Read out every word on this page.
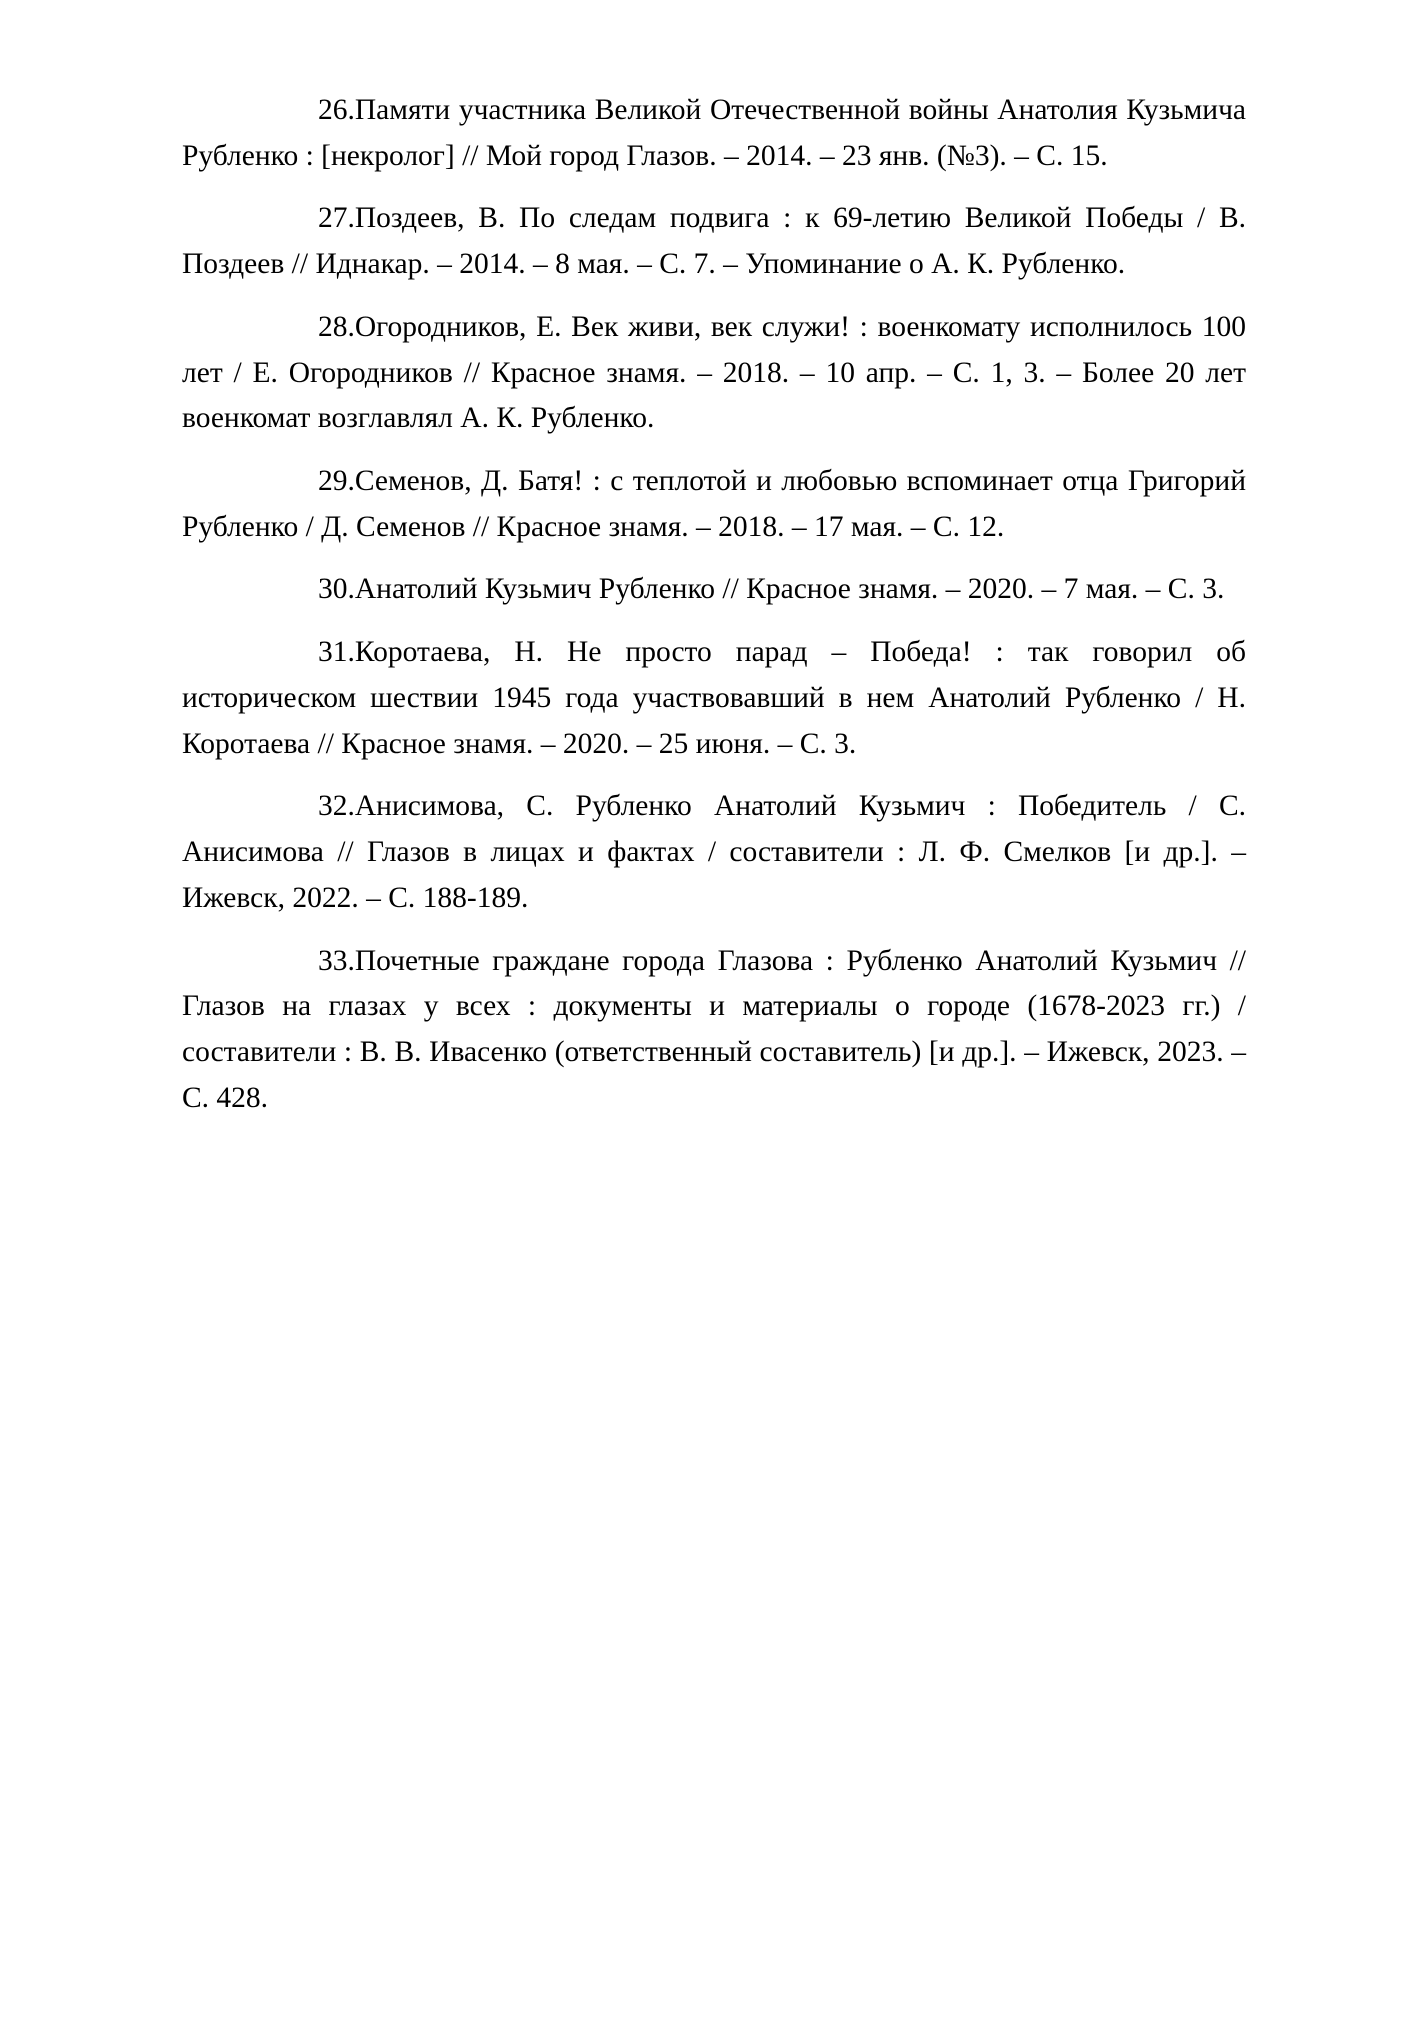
26.Памяти участника Великой Отечественной войны Анатолия Кузьмича Рубленко : [некролог] // Мой город Глазов. – 2014. – 23 янв. (№3). – С. 15.
27.Поздеев, В. По следам подвига : к 69-летию Великой Победы / В. Поздеев // Иднакар. – 2014. – 8 мая. – С. 7. – Упоминание о А. К. Рубленко.
28.Огородников, Е. Век живи, век служи! : военкомату исполнилось 100 лет / Е. Огородников // Красное знамя. – 2018. – 10 апр. – С. 1, 3. – Более 20 лет военкомат возглавлял А. К. Рубленко.
29.Семенов, Д. Батя! : с теплотой и любовью вспоминает отца Григорий Рубленко / Д. Семенов // Красное знамя. – 2018. – 17 мая. – С. 12.
30.Анатолий Кузьмич Рубленко // Красное знамя. – 2020. – 7 мая. – С. 3.
31.Коротаева, Н. Не просто парад – Победа! : так говорил об историческом шествии 1945 года участвовавший в нем Анатолий Рубленко / Н. Коротаева // Красное знамя. – 2020. – 25 июня. – С. 3.
32.Анисимова, С. Рубленко Анатолий Кузьмич : Победитель / С. Анисимова // Глазов в лицах и фактах / составители : Л. Ф. Смелков [и др.]. – Ижевск, 2022. – С. 188-189.
33.Почетные граждане города Глазова : Рубленко Анатолий Кузьмич // Глазов на глазах у всех : документы и материалы о городе (1678-2023 гг.) / составители : В. В. Ивасенко (ответственный составитель) [и др.]. – Ижевск, 2023. – С. 428.
